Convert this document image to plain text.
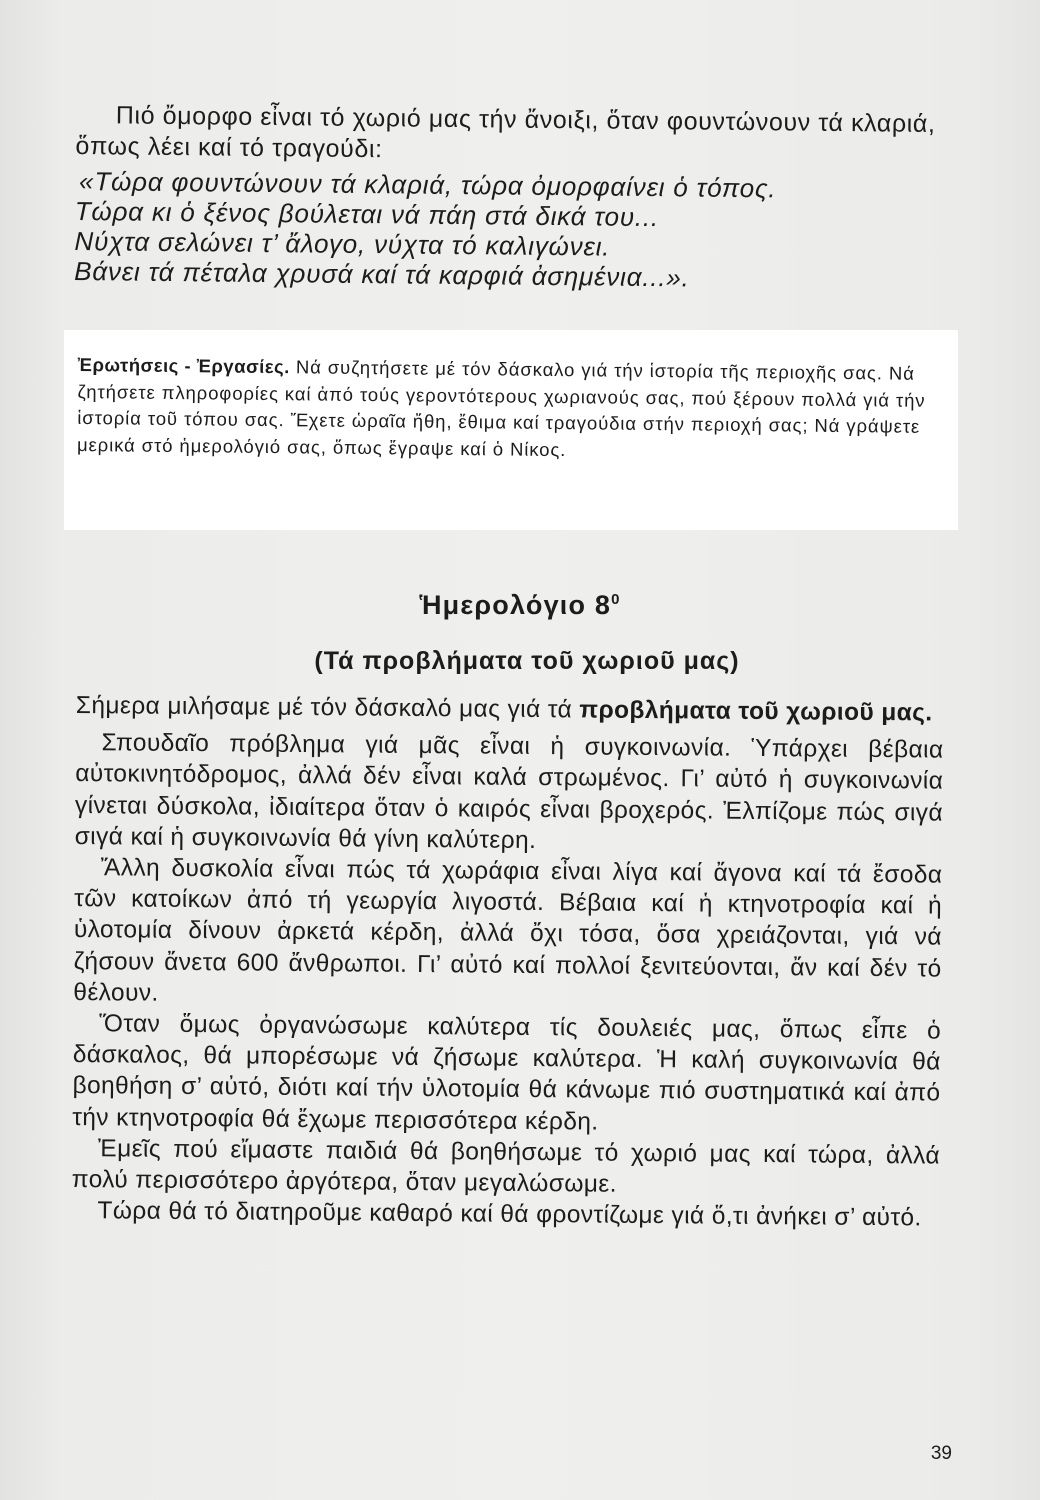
Πιό ὄμορφο εἶναι τό χωριό μας τήν ἄνοιξι, ὅταν φουντώνουν τά κλαριά, ὅπως λέει καί τό τραγούδι:

«Τώρα φουντώνουν τά κλαριά, τώρα ὀμορφαίνει ὁ τόπος.
Τώρα κι ὁ ξένος βούλεται νά πάη στά δικά του...
Νύχτα σελώνει τ’ ἄλογο, νύχτα τό καλιγώνει.
Βάνει τά πέταλα χρυσά καί τά καρφιά ἀσημένια...».

Ἐρωτήσεις - Ἐργασίες. Νά συζητήσετε μέ τόν δάσκαλο γιά τήν ἱστορία τῆς περιοχῆς σας. Νά ζητήσετε πληροφορίες καί ἀπό τούς γεροντότερους χωριανούς σας, πού ξέρουν πολλά γιά τήν ἱστορία τοῦ τόπου σας. Ἔχετε ὡραῖα ἤθη, ἔθιμα καί τραγούδια στήν περιοχή σας; Νά γράψετε μερικά στό ἡμερολόγιό σας, ὅπως ἔγραψε καί ὁ Νίκος.

Ἡμερολόγιο $8^0$
(Τά προβλήματα τοῦ χωριοῦ μας)

Σήμερα μιλήσαμε μέ τόν δάσκαλό μας γιά τά προβλήματα τοῦ χωριοῦ μας.

Σπουδαῖο πρόβλημα γιά μᾶς εἶναι ἡ συγκοινωνία. Ὑπάρχει βέβαια αὐτοκινητόδρομος, ἀλλά δέν εἶναι καλά στρωμένος. Γι’ αὐτό ἡ συγκοινωνία γίνεται δύσκολα, ἰδιαίτερα ὅταν ὁ καιρός εἶναι βροχερός. Ἐλπίζομε πώς σιγά σιγά καί ἡ συγκοινωνία θά γίνη καλύτερη.

Ἄλλη δυσκολία εἶναι πώς τά χωράφια εἶναι λίγα καί ἄγονα καί τά ἔσοδα τῶν κατοίκων ἀπό τή γεωργία λιγοστά. Βέβαια καί ἡ κτηνοτροφία καί ἡ ὑλοτομία δίνουν ἀρκετά κέρδη, ἀλλά ὄχι τόσα, ὅσα χρειάζονται, γιά νά ζήσουν ἄνετα 600 ἄνθρωποι. Γι’ αὐτό καί πολλοί ξενιτεύονται, ἄν καί δέν τό θέλουν.

Ὅταν ὅμως ὀργανώσωμε καλύτερα τίς δουλειές μας, ὅπως εἶπε ὁ δάσκαλος, θά μπορέσωμε νά ζήσωμε καλύτερα. Ἡ καλή συγκοινωνία θά βοηθήση σ’ αὐτό, διότι καί τήν ὑλοτομία θά κάνωμε πιό συστηματικά καί ἀπό τήν κτηνοτροφία θά ἔχωμε περισσότερα κέρδη.

Ἐμεῖς πού εἴμαστε παιδιά θά βοηθήσωμε τό χωριό μας καί τώρα, ἀλλά πολύ περισσότερο ἀργότερα, ὅταν μεγαλώσωμε.

Τώρα θά τό διατηροῦμε καθαρό καί θά φροντίζωμε γιά ὅ,τι ἀνήκει σ’ αὐτό.

39
